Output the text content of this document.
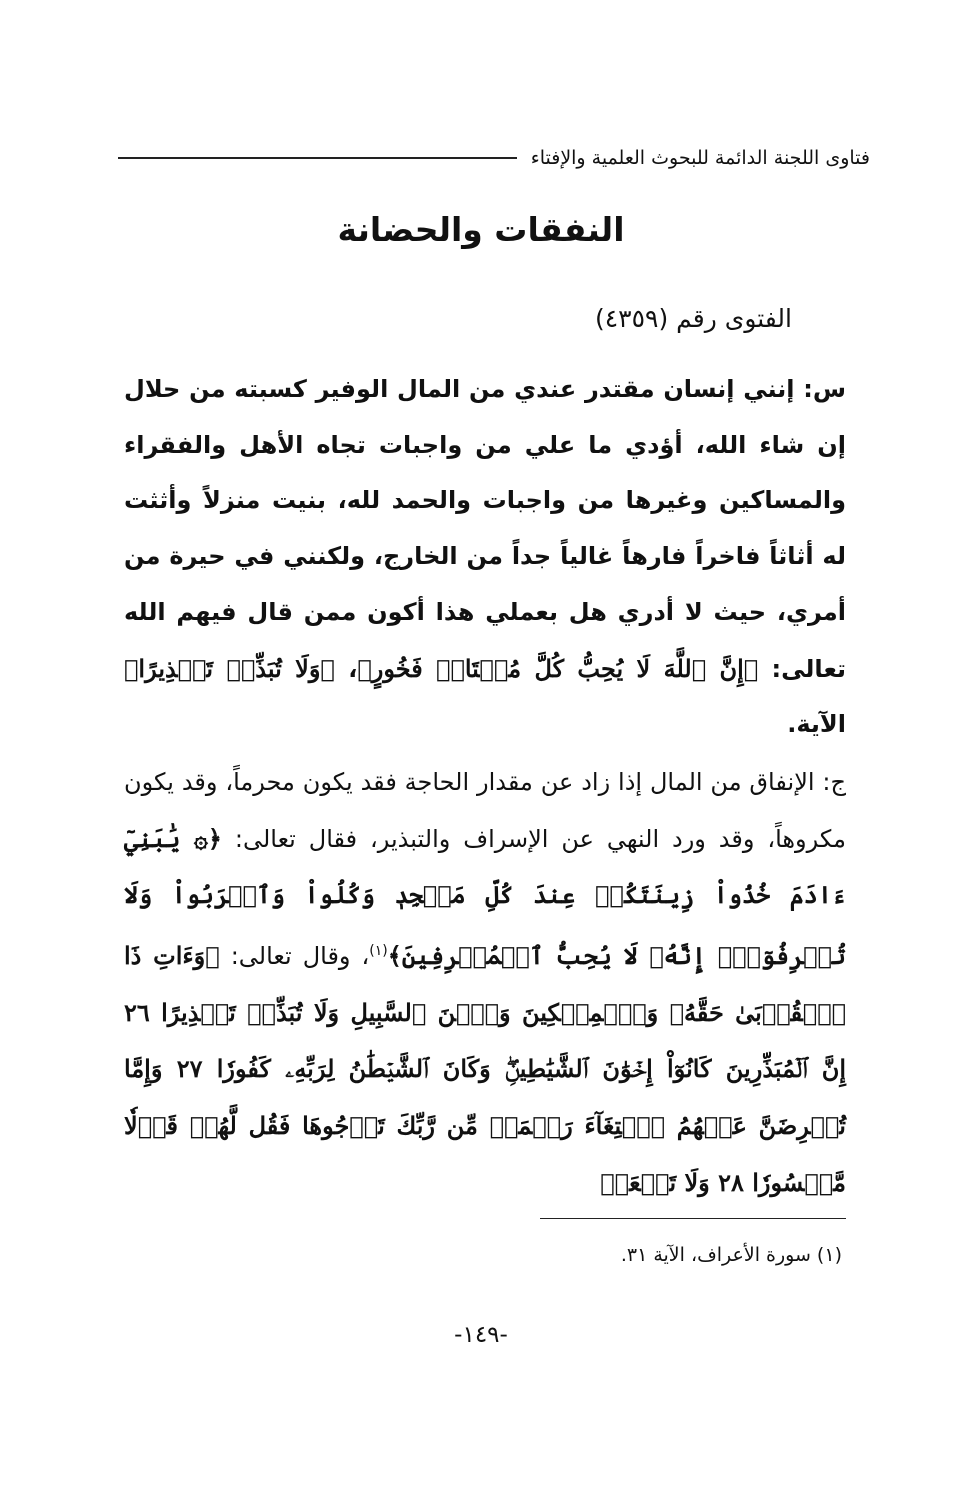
فتاوى اللجنة الدائمة للبحوث العلمية والإفتاء
النفقات والحضانة
الفتوى رقم (٤٣٥٩)
س: إنني إنسان مقتدر عندي من المال الوفير كسبته من حلال إن شاء الله، أؤدي ما علي من واجبات تجاه الأهل والفقراء والمساكين وغيرها من واجبات والحمد لله، بنيت منزلاً وأثثت له أثاثاً فاخراً فارهاً غالياً جداً من الخارج، ولكنني في حيرة من أمري، حيث لا أدري هل بعملي هذا أكون ممن قال فيهم الله تعالى: ﴿إِنَّ ٱللَّهَ لَا يُحِبُّ كُلَّ مُخۡتَالٖ فَخُورٍ﴾، ﴿وَلَا تُبَذِّرۡ تَبۡذِيرًا﴾ الآية.
ج: الإنفاق من المال إذا زاد عن مقدار الحاجة فقد يكون محرماً، وقد يكون مكروهاً، وقد ورد النهي عن الإسراف والتبذير، فقال تعالى: ﴿۞ يَٰبَنِيٓ ءَادَمَ خُذُواْ زِينَتَكُمۡ عِندَ كُلِّ مَسۡجِدٖ وَكُلُواْ وَٱشۡرَبُواْ وَلَا تُسۡرِفُوٓاْۚ إِنَّهُۥ لَا يُحِبُّ ٱلۡمُسۡرِفِينَ﴾$^{(١)}$، وقال تعالى: ﴿وَءَاتِ ذَا ٱلۡقُرۡبَىٰ حَقَّهُۥ وَٱلۡمِسۡكِينَ وَٱبۡنَ ٱلسَّبِيلِ وَلَا تُبَذِّرۡ تَبۡذِيرًا ٢٦ إِنَّ ٱلۡمُبَذِّرِينَ كَانُوٓاْ إِخۡوَٰنَ ٱلشَّيَٰطِينِۖ وَكَانَ ٱلشَّيۡطَٰنُ لِرَبِّهِۦ كَفُورٗا ٢٧ وَإِمَّا تُعۡرِضَنَّ عَنۡهُمُ ٱبۡتِغَآءَ رَحۡمَةٖ مِّن رَّبِّكَ تَرۡجُوهَا فَقُل لَّهُمۡ قَوۡلٗا مَّيۡسُورٗا ٢٨ وَلَا تَجۡعَلۡ
(١) سورة الأعراف، الآية ٣١.
-١٤٩-
